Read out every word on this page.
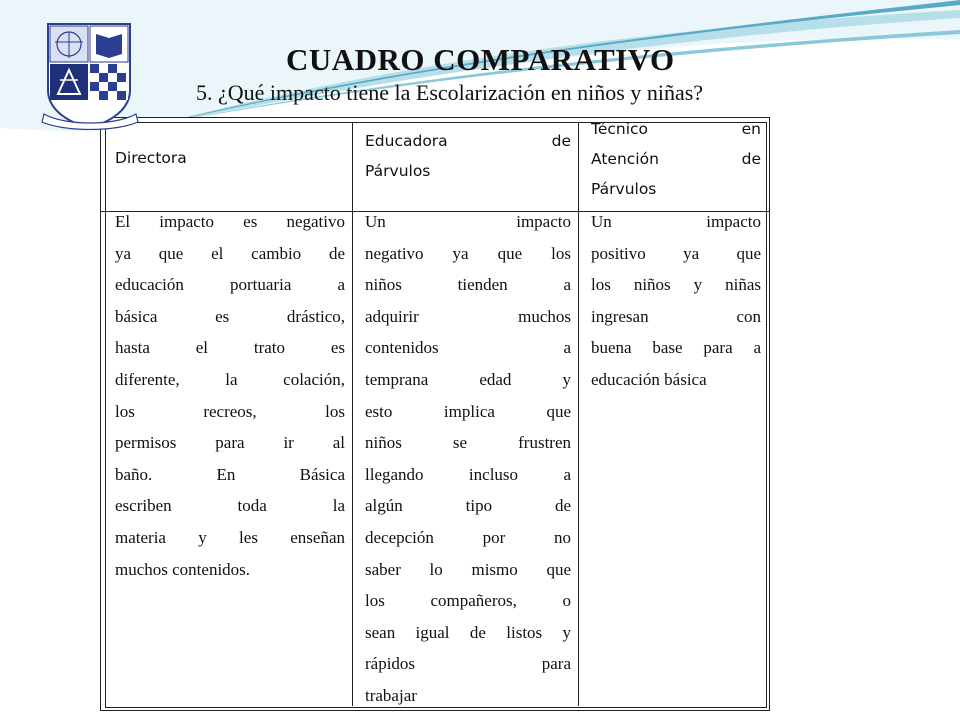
CUADRO COMPARATIVO

5. ¿Qué impacto tiene la Escolarización en niños y niñas?

Directora
Educadora de
Párvulos
Técnico en
Atención de
Párvulos
El impacto es negativo
ya que el cambio de
educación portuaria a
básica es drástico,
hasta el trato es
diferente, la colación,
los recreos, los
permisos para ir al
baño. En Básica
escriben toda la
materia y les enseñan
muchos contenidos.
Un impacto
negativo ya que los
niños tienden a
adquirir muchos
contenidos a
temprana edad y
esto implica que
niños se frustren
llegando incluso a
algún tipo de
decepción por no
saber lo mismo que
los compañeros, o
sean igual de listos y
rápidos para
trabajar
Un impacto
positivo ya que
los niños y niñas
ingresan con
buena base para a
educación básica
